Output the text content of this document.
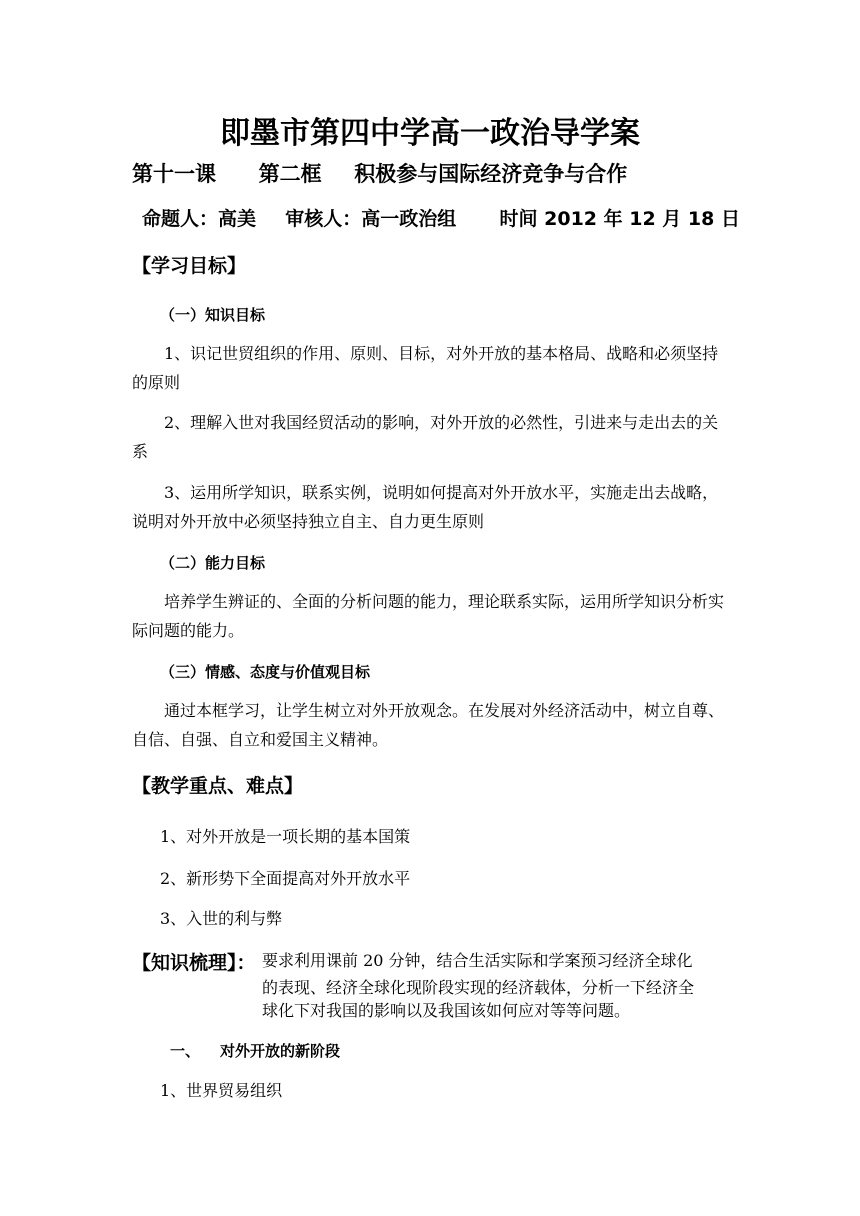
即墨市第四中学高一政治导学案
第十一课 第二框 积极参与国际经济竞争与合作
命题人：高美 审核人：高一政治组 时间 2012 年 12 月 18 日
【学习目标】
（一）知识目标
1、识记世贸组织的作用、原则、目标，对外开放的基本格局、战略和必须坚持的原则
2、理解入世对我国经贸活动的影响，对外开放的必然性，引进来与走出去的关系
3、运用所学知识，联系实例，说明如何提高对外开放水平，实施走出去战略，说明对外开放中必须坚持独立自主、自力更生原则
（二）能力目标
培养学生辨证的、全面的分析问题的能力，理论联系实际，运用所学知识分析实际问题的能力。
（三）情感、态度与价值观目标
通过本框学习，让学生树立对外开放观念。在发展对外经济活动中，树立自尊、自信、自强、自立和爱国主义精神。
【教学重点、难点】
1、对外开放是一项长期的基本国策
2、新形势下全面提高对外开放水平
3、入世的利与弊
【知识梳理】： 要求利用课前 20 分钟，结合生活实际和学案预习经济全球化
的表现、经济全球化现阶段实现的经济载体，分析一下经济全
球化下对我国的影响以及我国该如何应对等等问题。
一、 对外开放的新阶段
1、世界贸易组织
